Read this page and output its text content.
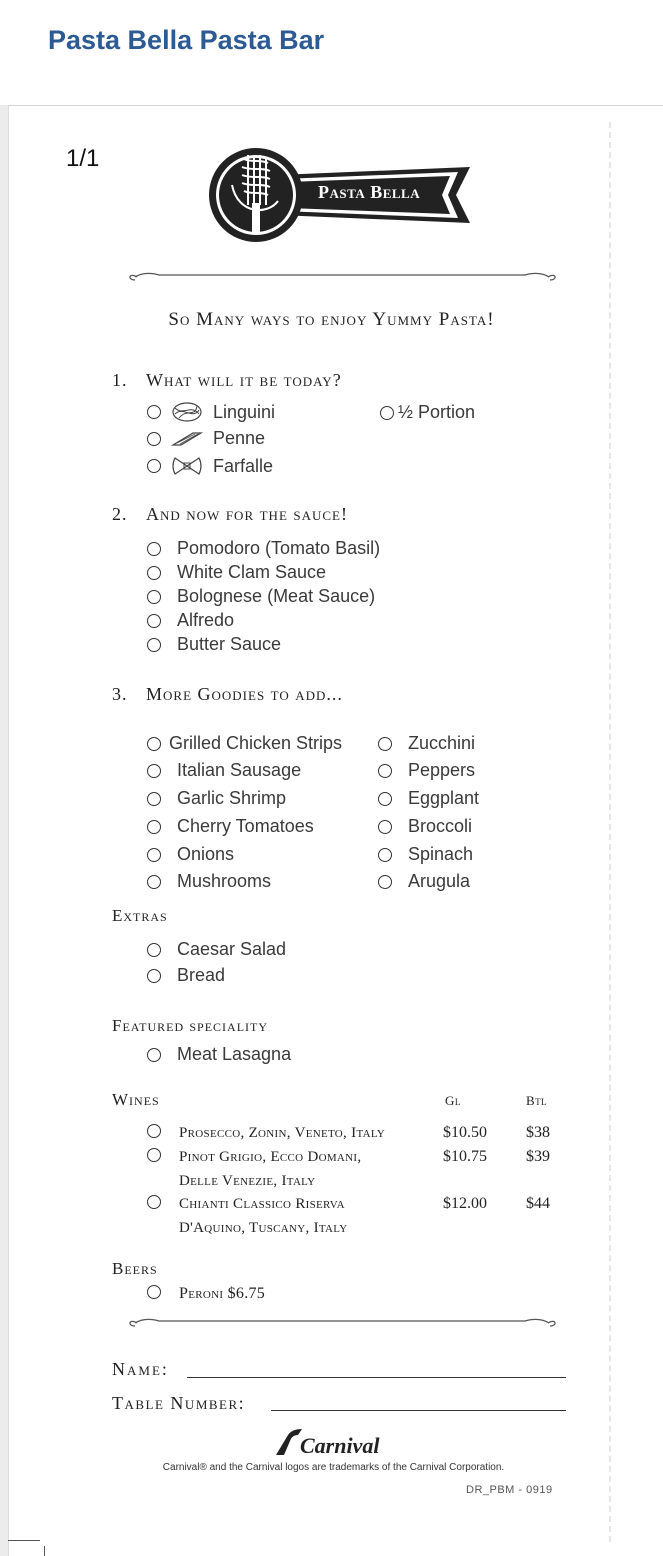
Pasta Bella Pasta Bar
1/1
Pasta Bella
So Many ways to enjoy Yummy Pasta!
1. What will it be today?
Linguini	½ Portion
Penne
Farfalle
2. And now for the sauce!
Pomodoro (Tomato Basil)
White Clam Sauce
Bolognese (Meat Sauce)
Alfredo
Butter Sauce
3. More Goodies to add...
Grilled Chicken Strips
Italian Sausage
Garlic Shrimp
Cherry Tomatoes
Onions
Mushrooms
Zucchini
Peppers
Eggplant
Broccoli
Spinach
Arugula
Extras
Caesar Salad
Bread
Featured speciality
Meat Lasagna
Wines	Gl	Btl
Prosecco, Zonin, Veneto, Italy	$10.50 $38
Pinot Grigio, Ecco Domani,
Delle Venezie, Italy
$10.75 $39
Chianti Classico Riserva
D'Aquino, Tuscany, Italy
$12.00 $44
Beers
Peroni $6.75
Name:
Table Number:
Carnival
Carnival® and the Carnival logos are trademarks of the Carnival Corporation.
DR_PBM - 0919
